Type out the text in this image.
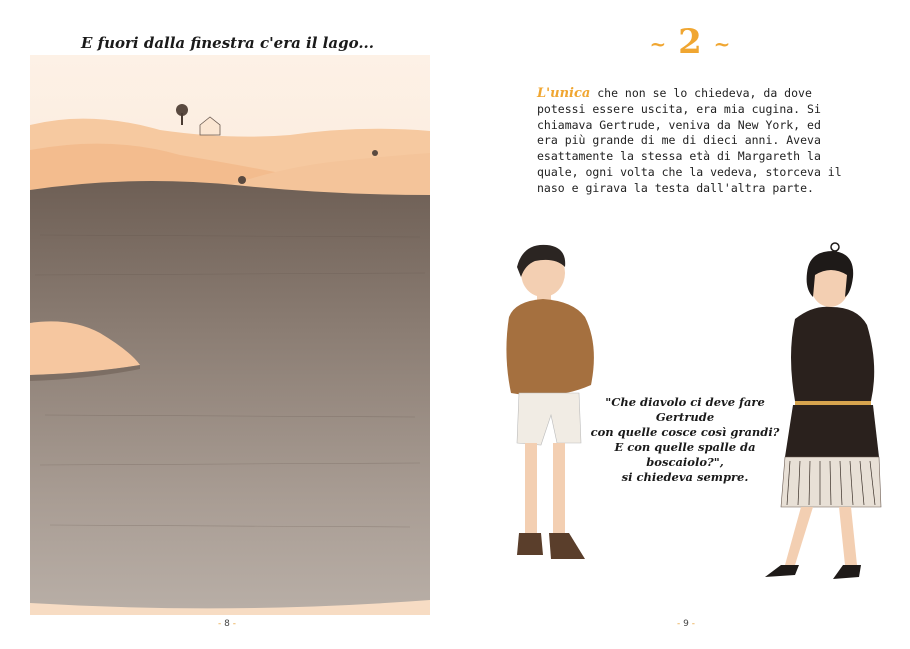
E fuori dalla finestra c'era il lago...
- 8 -
~ 2 ~
L'unica che non se lo chiedeva, da dove potessi essere uscita, era mia cugina. Si chiamava Gertrude, veniva da New York, ed era più grande di me di dieci anni. Aveva esattamente la stessa età di Margareth la quale, ogni volta che la vedeva, storceva il naso e girava la testa dall'altra parte.
"Che diavolo ci deve fare Gertrude
con quelle cosce così grandi?
E con quelle spalle da boscaiolo?",
si chiedeva sempre.
- 9 -
